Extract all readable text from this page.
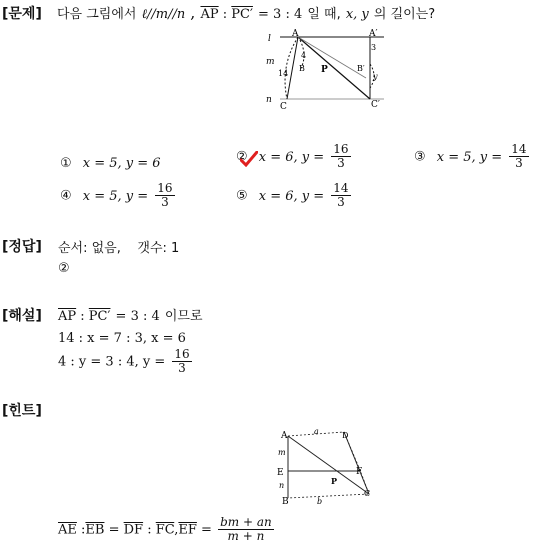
[문제] 다음 그림에서 ℓ//m//n , $\overline{AP}$ : PC′ = 3 : 4 일 때, x, y 의 길이는?
l
m
n
A	A′
C	C′
P
B	B′
14
4
3
y
① x = 5, y = 6	② x = 6, $y = \frac{16}{3}$	③ x = 5, $y = \frac{14}{3}$
④ x = 5, $y = \frac{16}{3}$	⑤ x = 6, $y = \frac{14}{3}$
[정답] 순서: 없음,    갯수: 1
②
[해설] $\overline{AP}$ : PC′ = 3 : 4 이므로
14 : x = 7 : 3, x = 6
4 : y = 3 : 4, $y = \frac{16}{3}$
[힌트]
A	D
E	F
P
B
C
a
b
m
n
$\overline{AE}$ $:\overline{EB} = \overline{DF}$ : $\overline{FC},\overline{EF} = \frac{bm + an}{m + n}$
